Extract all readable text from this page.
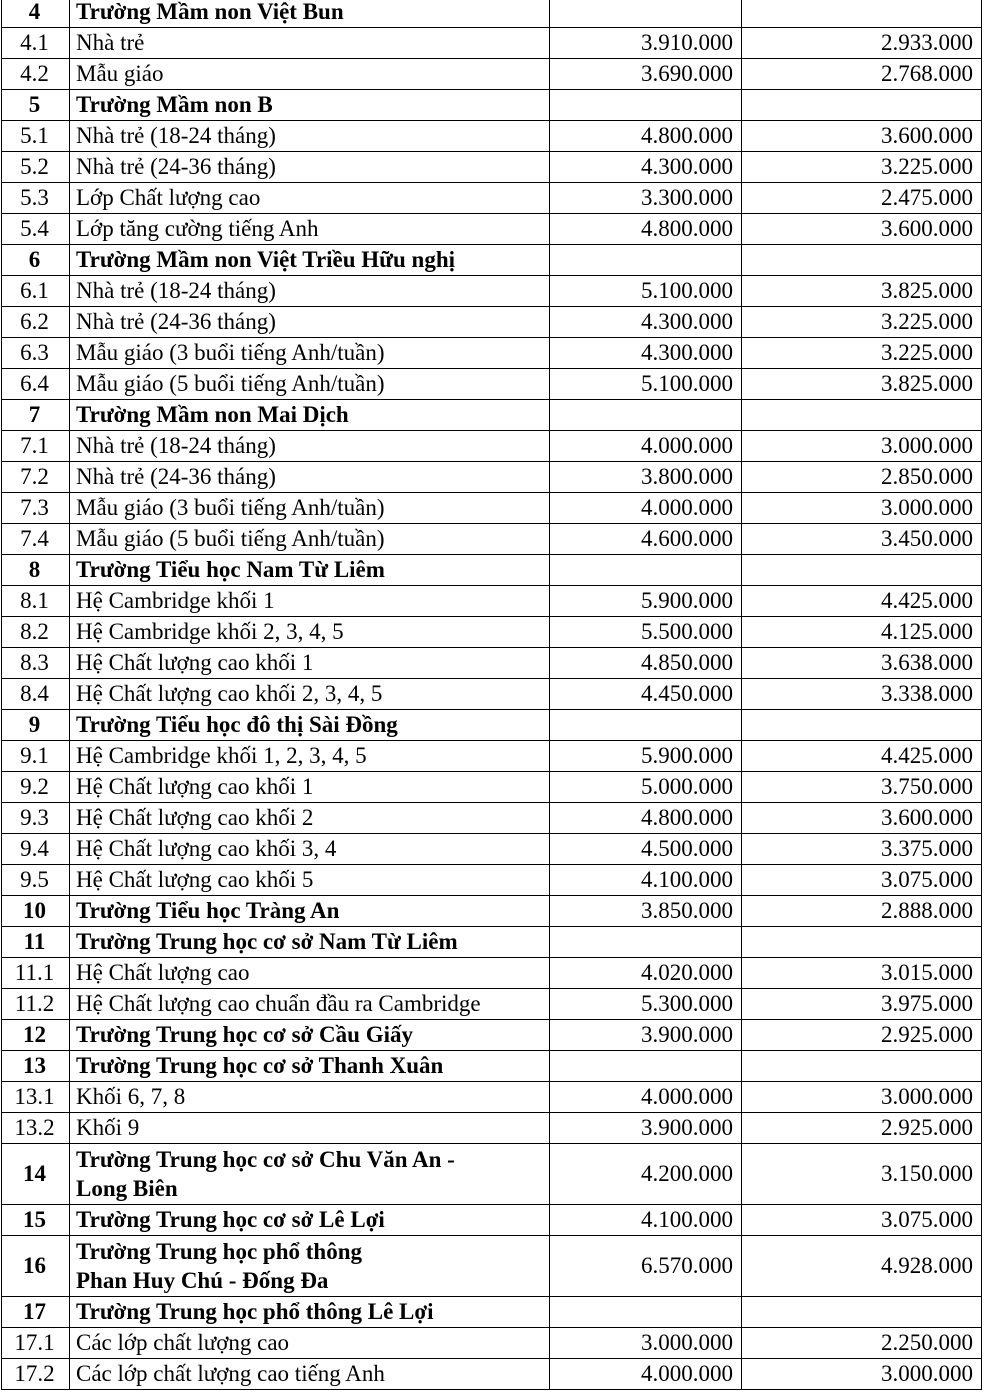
4	Trường Mầm non Việt Bun		
4.1	Nhà trẻ	3.910.000	2.933.000
4.2	Mẫu giáo	3.690.000	2.768.000
5	Trường Mầm non B		
5.1	Nhà trẻ (18-24 tháng)	4.800.000	3.600.000
5.2	Nhà trẻ (24-36 tháng)	4.300.000	3.225.000
5.3	Lớp Chất lượng cao	3.300.000	2.475.000
5.4	Lớp tăng cường tiếng Anh	4.800.000	3.600.000
6	Trường Mầm non Việt Triều Hữu nghị		
6.1	Nhà trẻ (18-24 tháng)	5.100.000	3.825.000
6.2	Nhà trẻ (24-36 tháng)	4.300.000	3.225.000
6.3	Mẫu giáo (3 buổi tiếng Anh/tuần)	4.300.000	3.225.000
6.4	Mẫu giáo (5 buổi tiếng Anh/tuần)	5.100.000	3.825.000
7	Trường Mầm non Mai Dịch		
7.1	Nhà trẻ (18-24 tháng)	4.000.000	3.000.000
7.2	Nhà trẻ (24-36 tháng)	3.800.000	2.850.000
7.3	Mẫu giáo (3 buổi tiếng Anh/tuần)	4.000.000	3.000.000
7.4	Mẫu giáo (5 buổi tiếng Anh/tuần)	4.600.000	3.450.000
8	Trường Tiểu học Nam Từ Liêm		
8.1	Hệ Cambridge khối 1	5.900.000	4.425.000
8.2	Hệ Cambridge khối 2, 3, 4, 5	5.500.000	4.125.000
8.3	Hệ Chất lượng cao khối 1	4.850.000	3.638.000
8.4	Hệ Chất lượng cao khối 2, 3, 4, 5	4.450.000	3.338.000
9	Trường Tiểu học đô thị Sài Đồng		
9.1	Hệ Cambridge khối 1, 2, 3, 4, 5	5.900.000	4.425.000
9.2	Hệ Chất lượng cao khối 1	5.000.000	3.750.000
9.3	Hệ Chất lượng cao khối 2	4.800.000	3.600.000
9.4	Hệ Chất lượng cao khối 3, 4	4.500.000	3.375.000
9.5	Hệ Chất lượng cao khối 5	4.100.000	3.075.000
10	Trường Tiểu học Tràng An	3.850.000	2.888.000
11	Trường Trung học cơ sở Nam Từ Liêm		
11.1	Hệ Chất lượng cao	4.020.000	3.015.000
11.2	Hệ Chất lượng cao chuẩn đầu ra Cambridge	5.300.000	3.975.000
12	Trường Trung học cơ sở Cầu Giấy	3.900.000	2.925.000
13	Trường Trung học cơ sở Thanh Xuân		
13.1	Khối 6, 7, 8	4.000.000	3.000.000
13.2	Khối 9	3.900.000	2.925.000
14	Trường Trung học cơ sở Chu Văn An -
Long Biên	4.200.000	3.150.000
15	Trường Trung học cơ sở Lê Lợi	4.100.000	3.075.000
16	Trường Trung học phổ thông
Phan Huy Chú - Đống Đa	6.570.000	4.928.000
17	Trường Trung học phổ thông Lê Lợi		
17.1	Các lớp chất lượng cao	3.000.000	2.250.000
17.2	Các lớp chất lượng cao tiếng Anh	4.000.000	3.000.000
